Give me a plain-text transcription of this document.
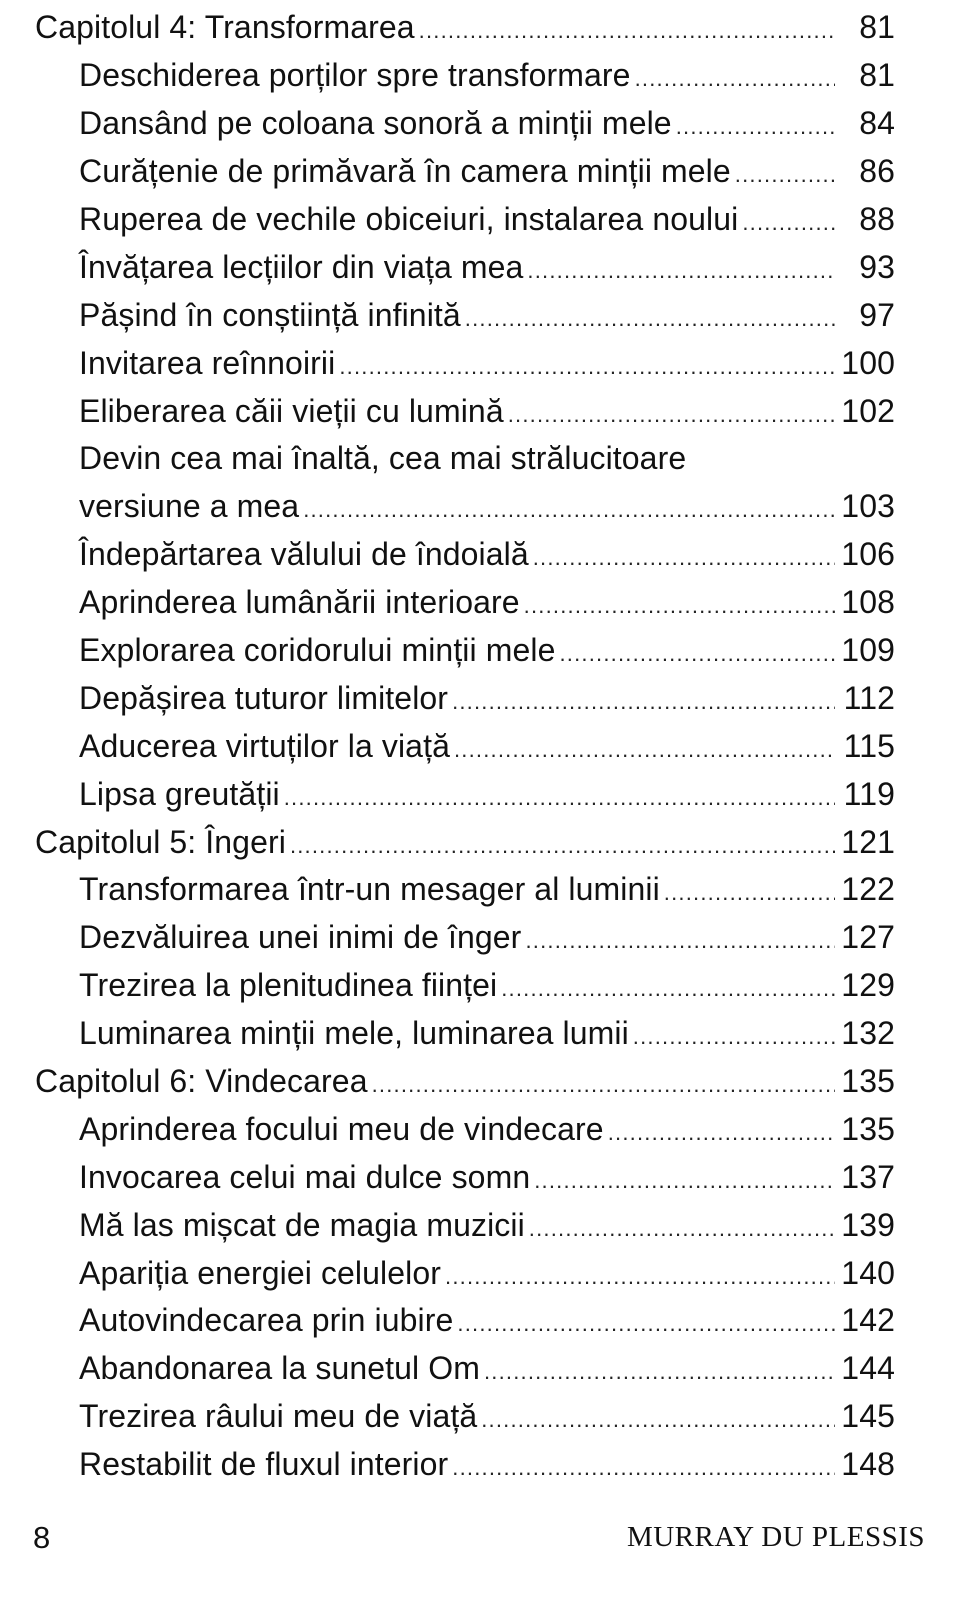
Capitolul 4: Transformarea .....	81
Deschiderea porților spre transformare .....	81
Dansând pe coloana sonoră a minții mele .....	84
Curățenie de primăvară în camera minții mele .....	86
Ruperea de vechile obiceiuri, instalarea noului .....	88
Învățarea lecțiilor din viața mea .....	93
Pășind în conștiință infinită .....	97
Invitarea reînnoirii .....	100
Eliberarea căii vieții cu lumină .....	102
Devin cea mai înaltă, cea mai strălucitoare
versiune a mea .....	103
Îndepărtarea vălului de îndoială .....	106
Aprinderea lumânării interioare .....	108
Explorarea coridorului minții mele .....	109
Depășirea tuturor limitelor .....	112
Aducerea virtuților la viață .....	115
Lipsa greutății .....	119
Capitolul 5: Îngeri .....	121
Transformarea într-un mesager al luminii .....	122
Dezvăluirea unei inimi de înger .....	127
Trezirea la plenitudinea ființei .....	129
Luminarea minții mele, luminarea lumii .....	132
Capitolul 6: Vindecarea .....	135
Aprinderea focului meu de vindecare .....	135
Invocarea celui mai dulce somn .....	137
Mă las mișcat de magia muzicii .....	139
Apariția energiei celulelor .....	140
Autovindecarea prin iubire .....	142
Abandonarea la sunetul Om .....	144
Trezirea râului meu de viață .....	145
Restabilit de fluxul interior .....	148
8	MURRAY DU PLESSIS
